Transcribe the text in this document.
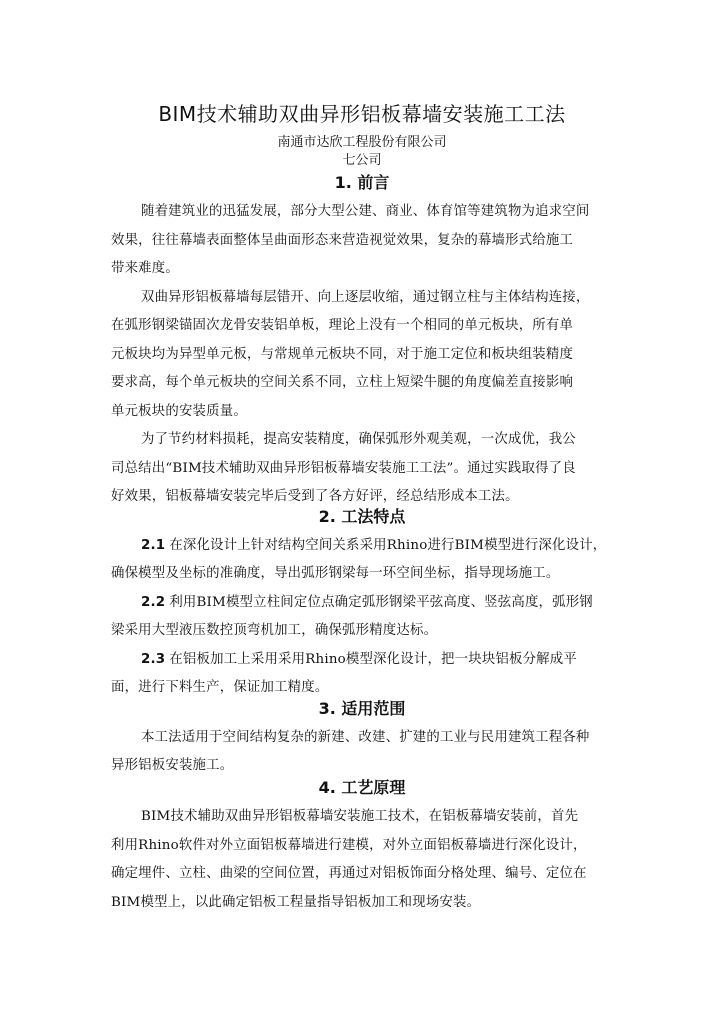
BIM技术辅助双曲异形铝板幕墙安装施工工法
南通市达欣工程股份有限公司
七公司
1. 前言
随着建筑业的迅猛发展，部分大型公建、商业、体育馆等建筑物为追求空间
效果，往往幕墙表面整体呈曲面形态来营造视觉效果，复杂的幕墙形式给施工
带来难度。
双曲异形铝板幕墙每层错开、向上逐层收缩，通过钢立柱与主体结构连接，
在弧形钢梁锚固次龙骨安装铝单板，理论上没有一个相同的单元板块，所有单
元板块均为异型单元板，与常规单元板块不同，对于施工定位和板块组装精度
要求高，每个单元板块的空间关系不同，立柱上短梁牛腿的角度偏差直接影响
单元板块的安装质量。
为了节约材料损耗，提高安装精度，确保弧形外观美观，一次成优，我公
司总结出“BIM技术辅助双曲异形铝板幕墙安装施工工法”。通过实践取得了良
好效果，铝板幕墙安装完毕后受到了各方好评，经总结形成本工法。
2. 工法特点
2.1 在深化设计上针对结构空间关系采用Rhino进行BIM模型进行深化设计，
确保模型及坐标的准确度，导出弧形钢梁每一环空间坐标，指导现场施工。
2.2 利用BIM模型立柱间定位点确定弧形钢梁平弦高度、竖弦高度，弧形钢
梁采用大型液压数控顶弯机加工，确保弧形精度达标。
2.3 在铝板加工上采用采用Rhino模型深化设计，把一块块铝板分解成平
面，进行下料生产，保证加工精度。
3. 适用范围
本工法适用于空间结构复杂的新建、改建、扩建的工业与民用建筑工程各种
异形铝板安装施工。
4. 工艺原理
BIM技术辅助双曲异形铝板幕墙安装施工技术，在铝板幕墙安装前，首先
利用Rhino软件对外立面铝板幕墙进行建模，对外立面铝板幕墙进行深化设计，
确定埋件、立柱、曲梁的空间位置，再通过对铝板饰面分格处理、编号、定位在
BIM模型上，以此确定铝板工程量指导铝板加工和现场安装。
